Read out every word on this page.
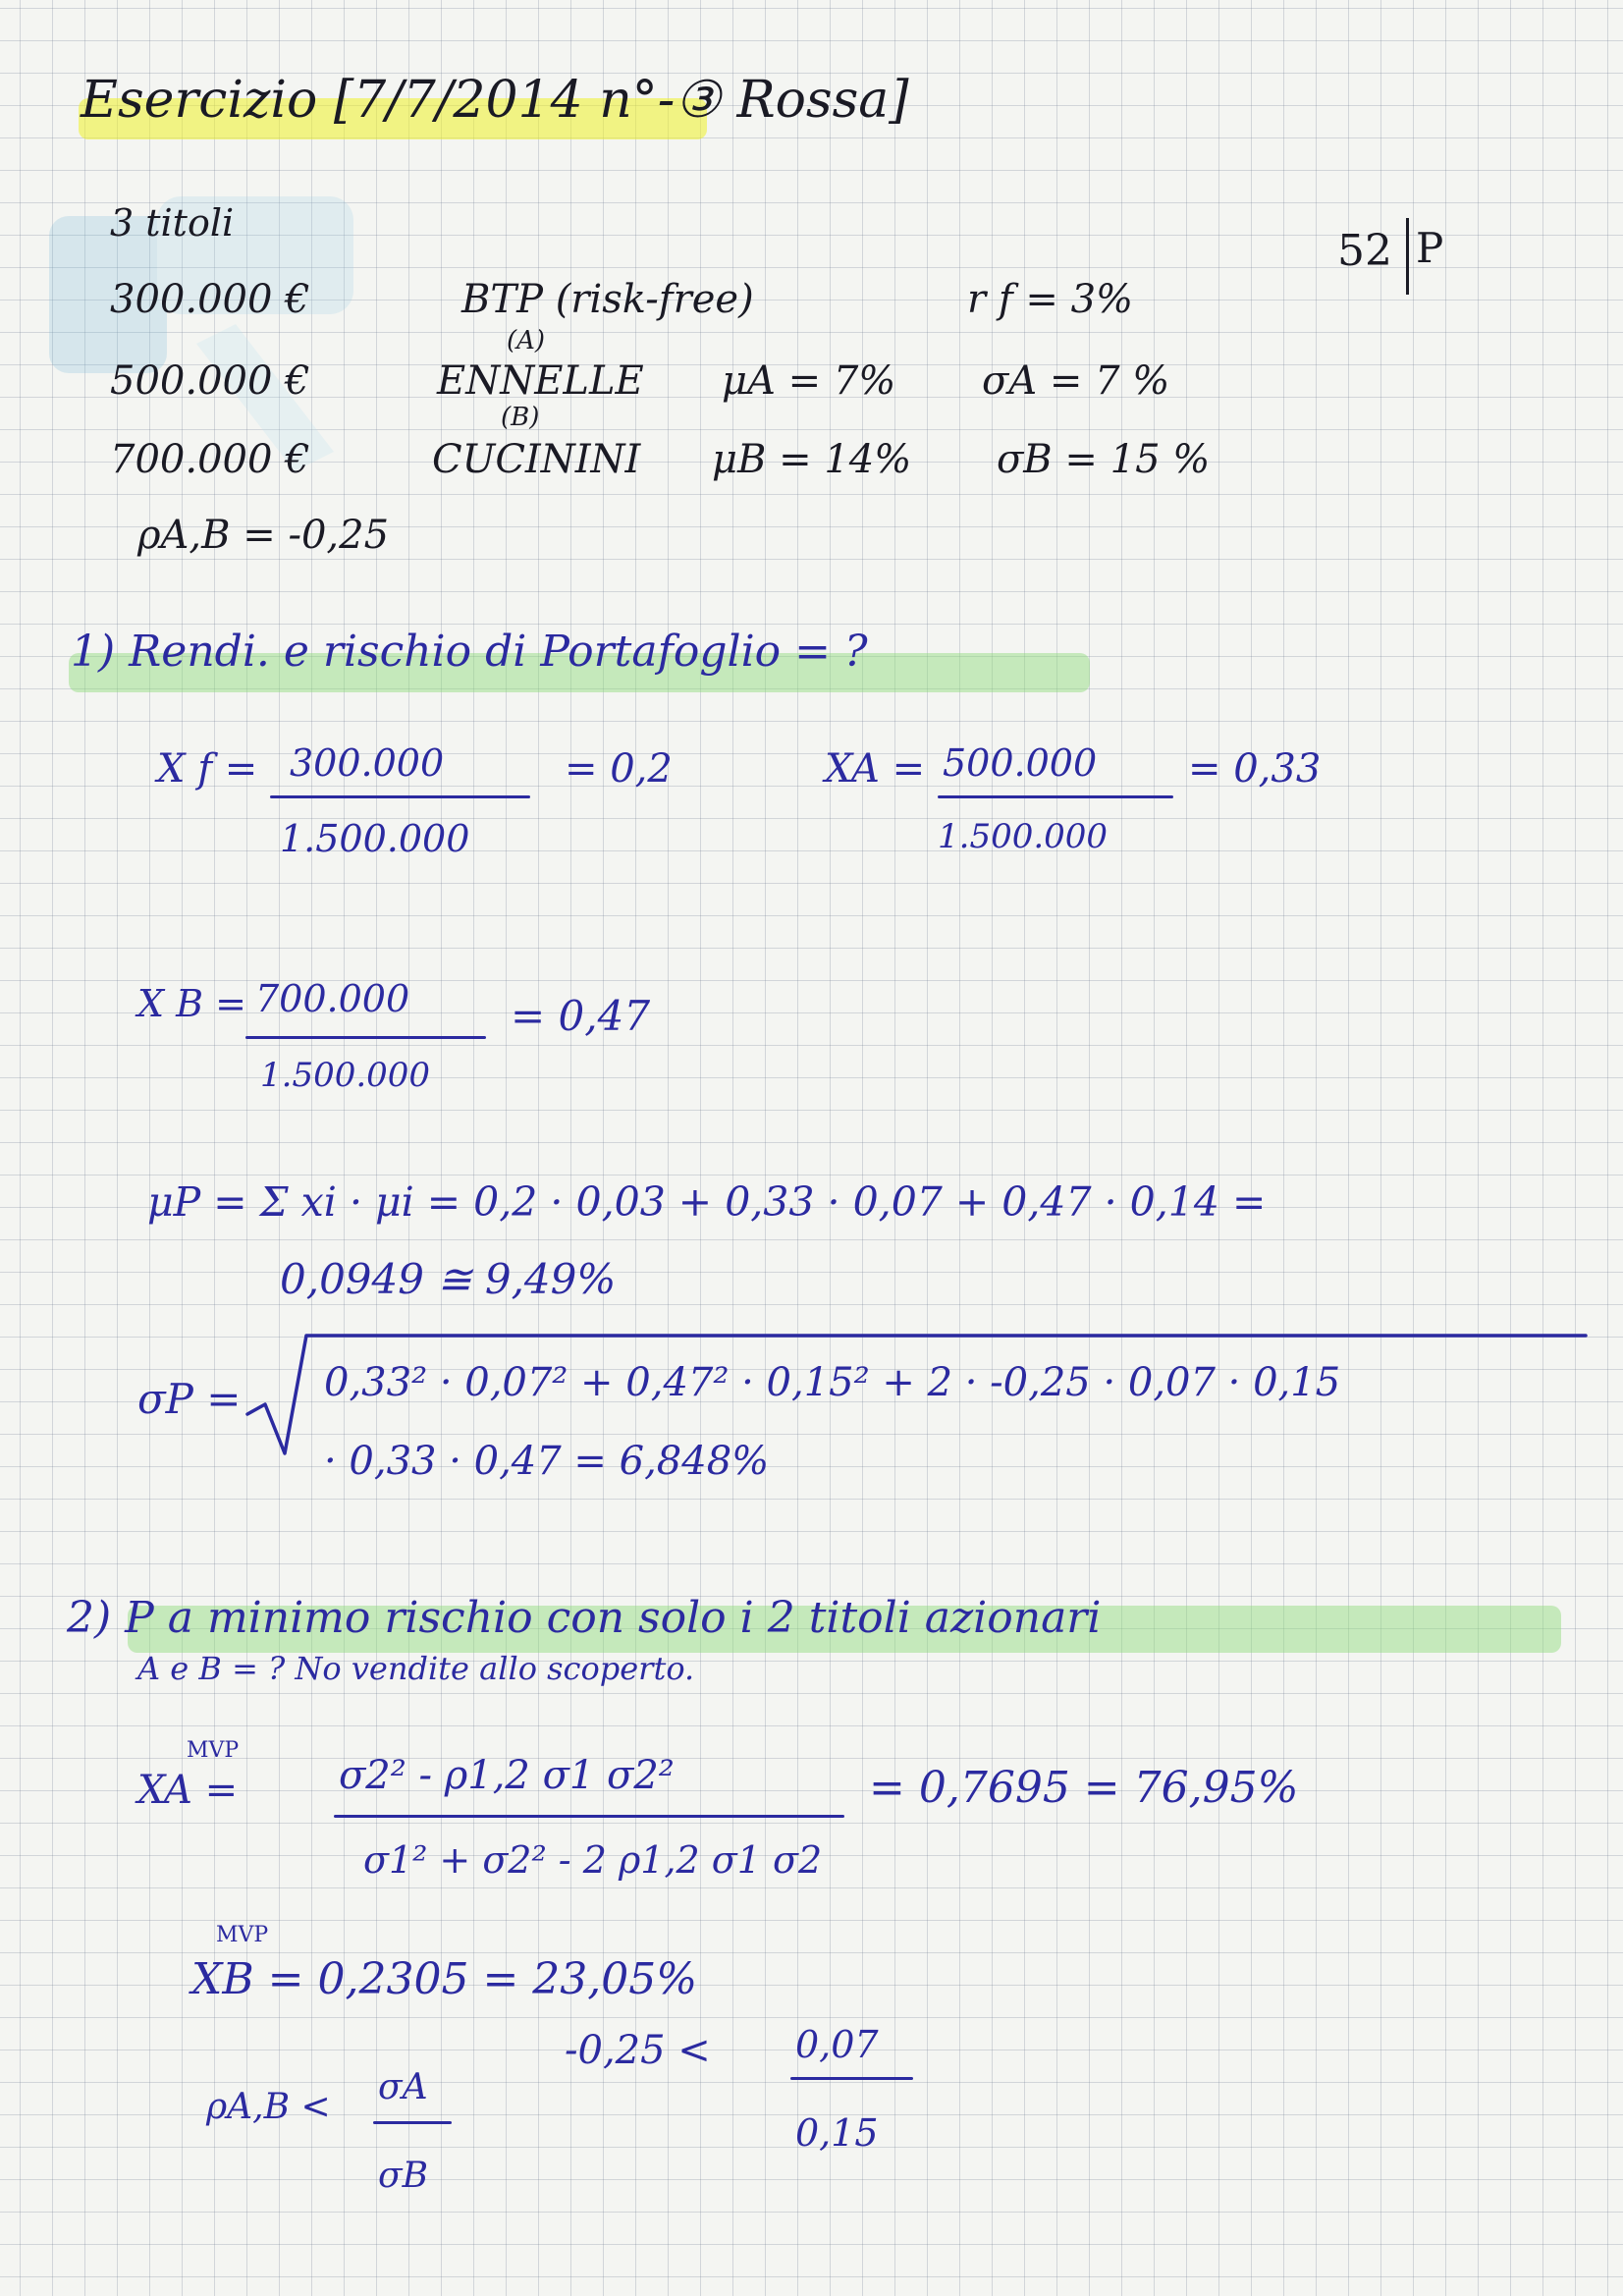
Esercizio [7/7/2014 n°-③ Rossa]
52 P
3 titoli
300.000 €	BTP (risk-free)	r f = 3%
(A)
500.000 €	ENNELLE μA = 7% σA = 7 %
(B)
700.000 €	CUCININI μB = 14% σB = 15 %
ρA,B = -0,25
1) Rendi. e rischio di Portafoglio = ?
X f = 300.000
1.500.000
= 0,2	XA = 500.000
1.500.000
= 0,33
X B = 700.000
1.500.000
= 0,47
μP = Σ xi · μi = 0,2 · 0,03 + 0,33 · 0,07 + 0,47 · 0,14 =
0,0949 ≅ 9,49%
σP = 0,33² · 0,07² + 0,47² · 0,15² + 2 · -0,25 · 0,07 · 0,15
· 0,33 · 0,47 = 6,848%
2) P a minimo rischio con solo i 2 titoli azionari
A e B = ? No vendite allo scoperto.
MVP
XA =	σ2² - ρ1,2 σ1 σ2²
σ1² + σ2² - 2 ρ1,2 σ1 σ2
= 0,7695 = 76,95%
MVP
XB = 0,2305 = 23,05%
-0,25 < 0,07
0,15
ρA,B < σA
σB
